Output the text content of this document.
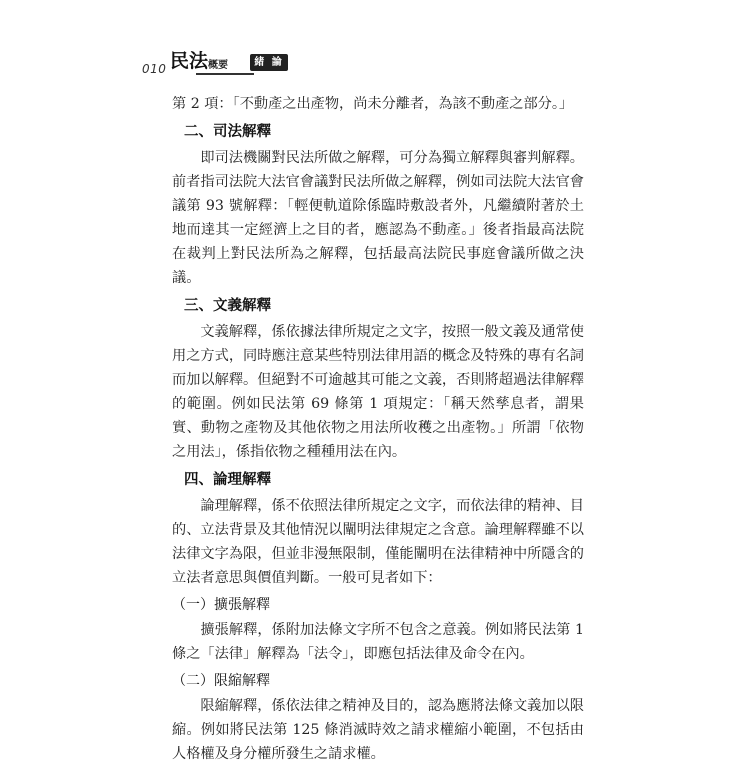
010 民法 概要	緒 論

第 2 項：「不動產之出產物，尚未分離者，為該不動產之部分。」

二、司法解釋

即司法機關對民法所做之解釋，可分為獨立解釋與審判解釋。前者指司法院大法官會議對民法所做之解釋，例如司法院大法官會議第 93 號解釋：「輕便軌道除係臨時敷設者外，凡繼續附著於土地而達其一定經濟上之目的者，應認為不動產。」後者指最高法院在裁判上對民法所為之解釋，包括最高法院民事庭會議所做之決議。

三、文義解釋

文義解釋，係依據法律所規定之文字，按照一般文義及通常使用之方式，同時應注意某些特別法律用語的概念及特殊的專有名詞而加以解釋。但絕對不可逾越其可能之文義，否則將超過法律解釋的範圍。例如民法第 69 條第 1 項規定：「稱天然孳息者，謂果實、動物之產物及其他依物之用法所收穫之出產物。」所謂「依物之用法」，係指依物之種種用法在內。

四、論理解釋

論理解釋，係不依照法律所規定之文字，而依法律的精神、目的、立法背景及其他情況以闡明法律規定之含意。論理解釋雖不以法律文字為限，但並非漫無限制，僅能闡明在法律精神中所隱含的立法者意思與價值判斷。一般可見者如下：

（一）擴張解釋

擴張解釋，係附加法條文字所不包含之意義。例如將民法第 1 條之「法律」解釋為「法令」，即應包括法律及命令在內。

（二）限縮解釋

限縮解釋，係依法律之精神及目的，認為應將法條文義加以限縮。例如將民法第 125 條消滅時效之請求權縮小範圍，不包括由人格權及身分權所發生之請求權。
